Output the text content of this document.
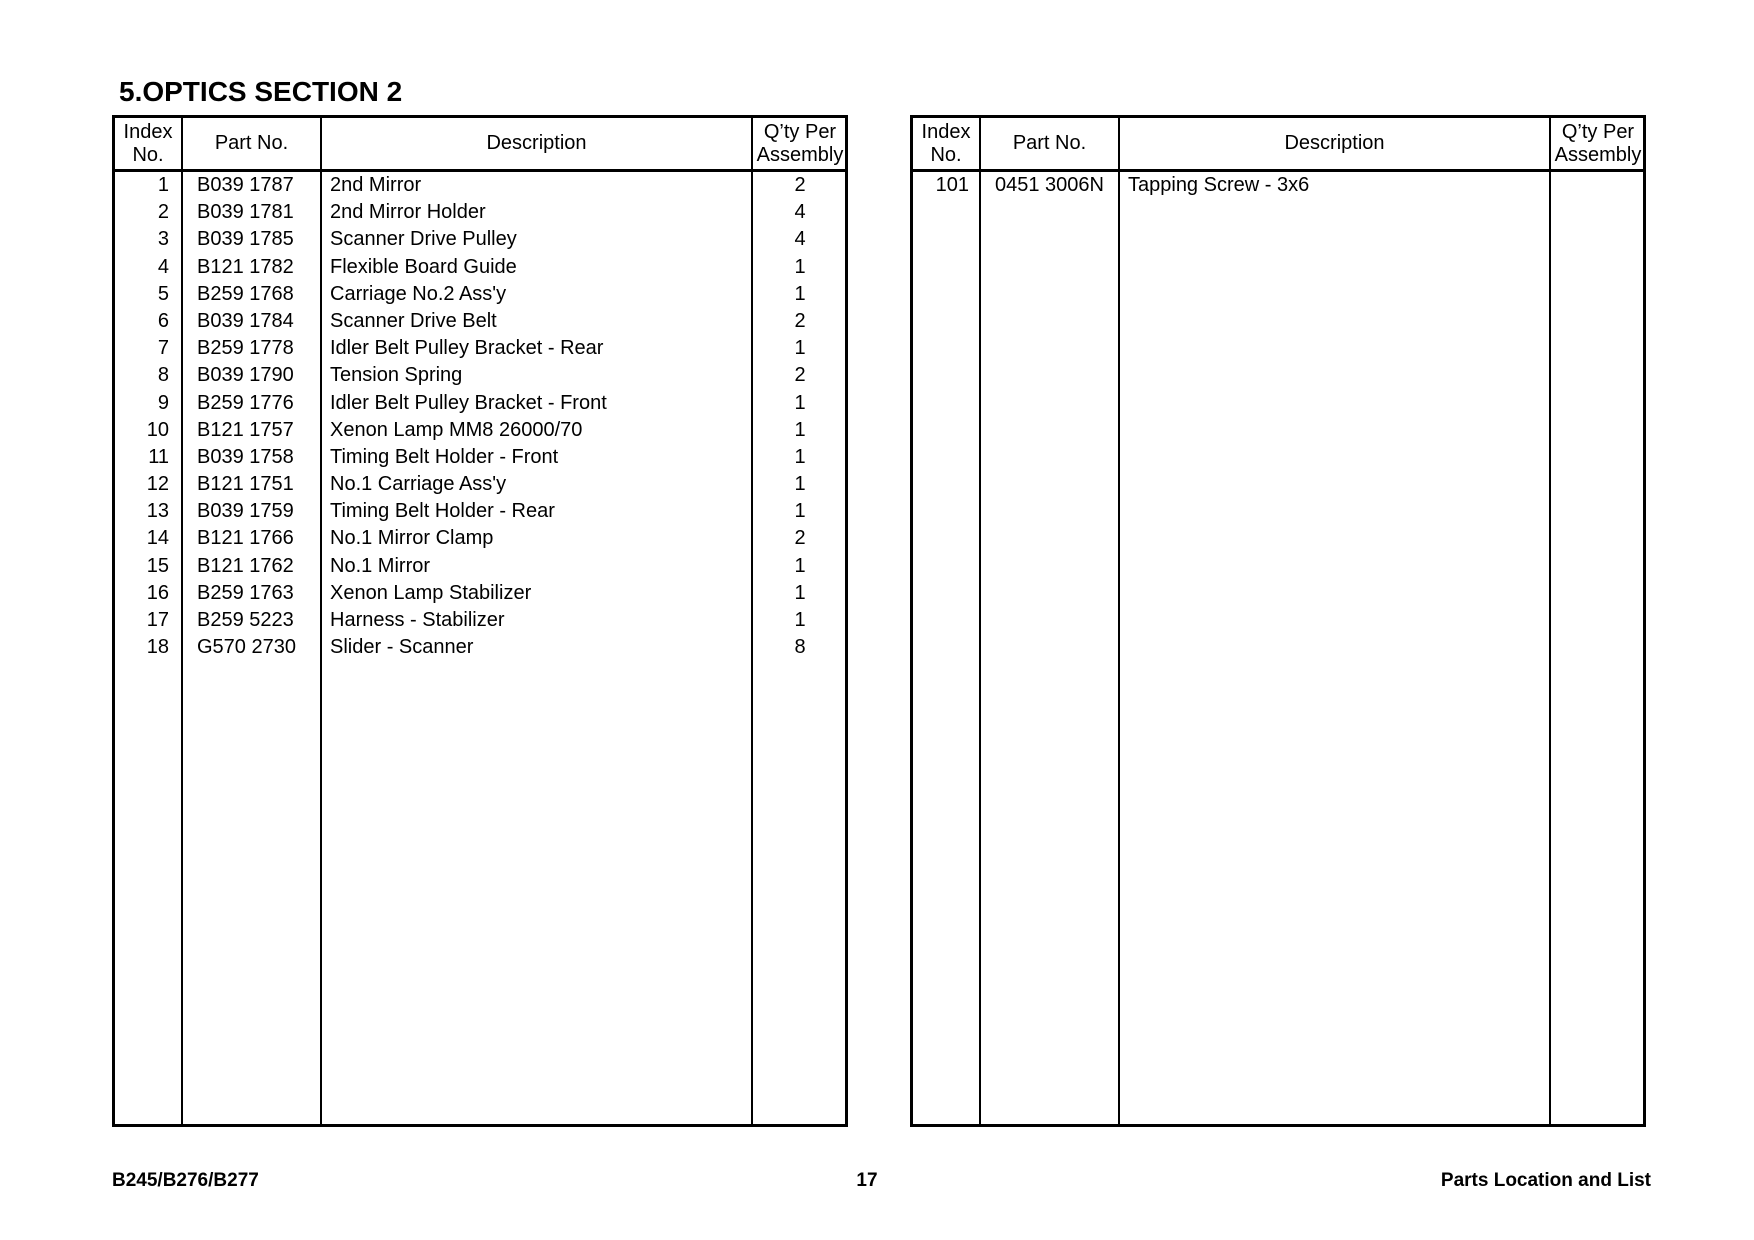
5.OPTICS SECTION 2
Index
No.
Part No.	Description
Q’ty Per
Assembly
1 B039 1787	2nd Mirror	2
2 B039 1781	2nd Mirror Holder	4
3 B039 1785	Scanner Drive Pulley	4
4 B121 1782	Flexible Board Guide	1
5 B259 1768	Carriage No.2 Ass'y	1
6 B039 1784	Scanner Drive Belt	2
7 B259 1778	Idler Belt Pulley Bracket - Rear	1
8 B039 1790	Tension Spring	2
9 B259 1776	Idler Belt Pulley Bracket - Front	1
10 B121 1757	Xenon Lamp MM8 26000/70	1
11 B039 1758	Timing Belt Holder - Front	1
12 B121 1751	No.1 Carriage Ass'y	1
13 B039 1759	Timing Belt Holder - Rear	1
14 B121 1766	No.1 Mirror Clamp	2
15 B121 1762	No.1 Mirror	1
16 B259 1763	Xenon Lamp Stabilizer	1
17 B259 5223	Harness - Stabilizer	1
18 G570 2730	Slider - Scanner	8
Index
No.
Part No.	Description
Q’ty Per
Assembly
101 0451 3006N	Tapping Screw - 3x6
B245/B276/B277	17	Parts Location and List
